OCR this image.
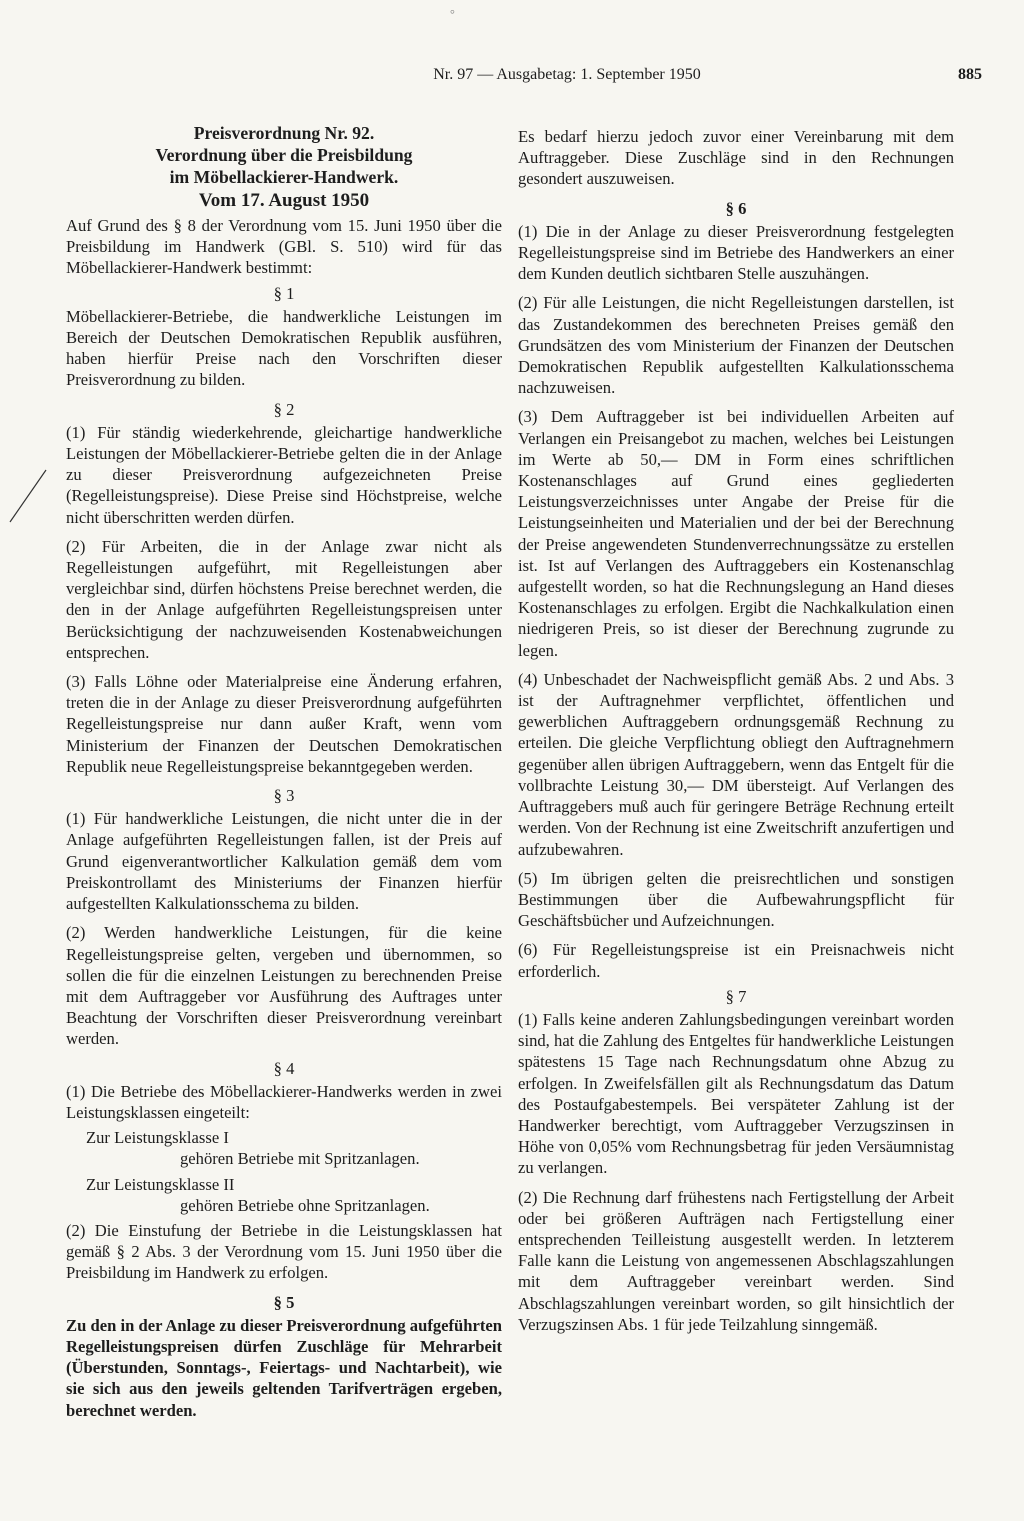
°
Nr. 97 — Ausgabetag: 1. September 1950	885
Preisverordnung Nr. 92.
Verordnung über die Preisbildung
im Möbellackierer-Handwerk.
Vom 17. August 1950

Auf Grund des § 8 der Verordnung vom 15. Juni 1950 über die Preisbildung im Handwerk (GBl. S. 510) wird für das Möbellackierer-Handwerk bestimmt:

§ 1

Möbellackierer-Betriebe, die handwerkliche Leistungen im Bereich der Deutschen Demokratischen Republik ausführen, haben hierfür Preise nach den Vorschriften dieser Preisverordnung zu bilden.

§ 2

(1) Für ständig wiederkehrende, gleichartige handwerkliche Leistungen der Möbellackierer-Betriebe gelten die in der Anlage zu dieser Preisverordnung aufgezeichneten Preise (Regelleistungspreise). Diese Preise sind Höchstpreise, welche nicht überschritten werden dürfen.

(2) Für Arbeiten, die in der Anlage zwar nicht als Regelleistungen aufgeführt, mit Regelleistungen aber vergleichbar sind, dürfen höchstens Preise berechnet werden, die den in der Anlage aufgeführten Regelleistungspreisen unter Berücksichtigung der nachzuweisenden Kostenabweichungen entsprechen.

(3) Falls Löhne oder Materialpreise eine Änderung erfahren, treten die in der Anlage zu dieser Preisverordnung aufgeführten Regelleistungspreise nur dann außer Kraft, wenn vom Ministerium der Finanzen der Deutschen Demokratischen Republik neue Regelleistungspreise bekanntgegeben werden.

§ 3

(1) Für handwerkliche Leistungen, die nicht unter die in der Anlage aufgeführten Regelleistungen fallen, ist der Preis auf Grund eigenverantwortlicher Kalkulation gemäß dem vom Preiskontrollamt des Ministeriums der Finanzen hierfür aufgestellten Kalkulationsschema zu bilden.

(2) Werden handwerkliche Leistungen, für die keine Regelleistungspreise gelten, vergeben und übernommen, so sollen die für die einzelnen Leistungen zu berechnenden Preise mit dem Auftraggeber vor Ausführung des Auftrages unter Beachtung der Vorschriften dieser Preisverordnung vereinbart werden.

§ 4

(1) Die Betriebe des Möbellackierer-Handwerks werden in zwei Leistungsklassen eingeteilt:

Zur Leistungsklasse I
gehören Betriebe mit Spritzanlagen.
Zur Leistungsklasse II
gehören Betriebe ohne Spritzanlagen.

(2) Die Einstufung der Betriebe in die Leistungsklassen hat gemäß § 2 Abs. 3 der Verordnung vom 15. Juni 1950 über die Preisbildung im Handwerk zu erfolgen.

§ 5

Zu den in der Anlage zu dieser Preisverordnung aufgeführten Regelleistungspreisen dürfen Zuschläge für Mehrarbeit (Überstunden, Sonntags-, Feiertags- und Nachtarbeit), wie sie sich aus den jeweils geltenden Tarifverträgen ergeben, berechnet werden.

Es bedarf hierzu jedoch zuvor einer Vereinbarung mit dem Auftraggeber. Diese Zuschläge sind in den Rechnungen gesondert auszuweisen.

§ 6

(1) Die in der Anlage zu dieser Preisverordnung festgelegten Regelleistungspreise sind im Betriebe des Handwerkers an einer dem Kunden deutlich sichtbaren Stelle auszuhängen.

(2) Für alle Leistungen, die nicht Regelleistungen darstellen, ist das Zustandekommen des berechneten Preises gemäß den Grundsätzen des vom Ministerium der Finanzen der Deutschen Demokratischen Republik aufgestellten Kalkulationsschema nachzuweisen.

(3) Dem Auftraggeber ist bei individuellen Arbeiten auf Verlangen ein Preisangebot zu machen, welches bei Leistungen im Werte ab 50,— DM in Form eines schriftlichen Kostenanschlages auf Grund eines gegliederten Leistungsverzeichnisses unter Angabe der Preise für die Leistungseinheiten und Materialien und der bei der Berechnung der Preise angewendeten Stundenverrechnungssätze zu erstellen ist. Ist auf Verlangen des Auftraggebers ein Kostenanschlag aufgestellt worden, so hat die Rechnungslegung an Hand dieses Kostenanschlages zu erfolgen. Ergibt die Nachkalkulation einen niedrigeren Preis, so ist dieser der Berechnung zugrunde zu legen.

(4) Unbeschadet der Nachweispflicht gemäß Abs. 2 und Abs. 3 ist der Auftragnehmer verpflichtet, öffentlichen und gewerblichen Auftraggebern ordnungsgemäß Rechnung zu erteilen. Die gleiche Verpflichtung obliegt den Auftragnehmern gegenüber allen übrigen Auftraggebern, wenn das Entgelt für die vollbrachte Leistung 30,— DM übersteigt. Auf Verlangen des Auftraggebers muß auch für geringere Beträge Rechnung erteilt werden. Von der Rechnung ist eine Zweitschrift anzufertigen und aufzubewahren.

(5) Im übrigen gelten die preisrechtlichen und sonstigen Bestimmungen über die Aufbewahrungspflicht für Geschäftsbücher und Aufzeichnungen.

(6) Für Regelleistungspreise ist ein Preisnachweis nicht erforderlich.

§ 7

(1) Falls keine anderen Zahlungsbedingungen vereinbart worden sind, hat die Zahlung des Entgeltes für handwerkliche Leistungen spätestens 15 Tage nach Rechnungsdatum ohne Abzug zu erfolgen. In Zweifelsfällen gilt als Rechnungsdatum das Datum des Postaufgabestempels. Bei verspäteter Zahlung ist der Handwerker berechtigt, vom Auftraggeber Verzugszinsen in Höhe von 0,05% vom Rechnungsbetrag für jeden Versäumnistag zu verlangen.

(2) Die Rechnung darf frühestens nach Fertigstellung der Arbeit oder bei größeren Aufträgen nach Fertigstellung einer entsprechenden Teilleistung ausgestellt werden. In letzterem Falle kann die Leistung von angemessenen Abschlagszahlungen mit dem Auftraggeber vereinbart werden. Sind Abschlagszahlungen vereinbart worden, so gilt hinsichtlich der Verzugszinsen Abs. 1 für jede Teilzahlung sinngemäß.
